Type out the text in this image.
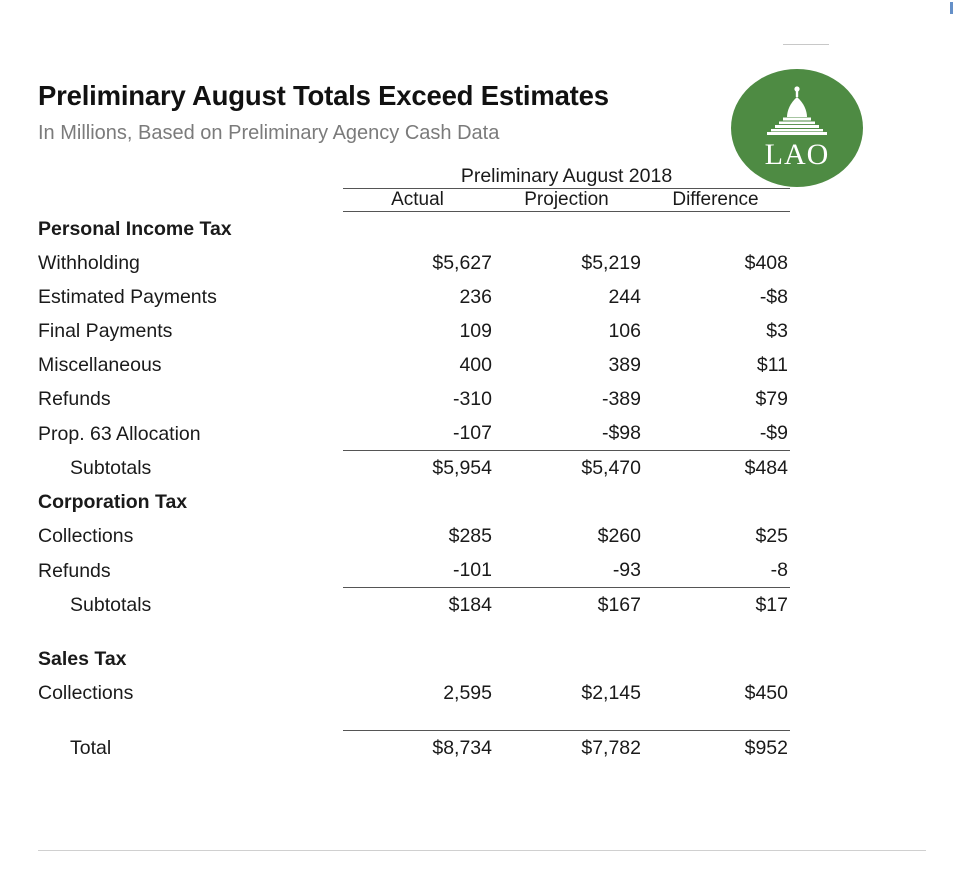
Preliminary August Totals Exceed Estimates

In Millions, Based on Preliminary Agency Cash Data

LAO
	Preliminary August 2018		
	Actual	Projection	Difference
Personal Income Tax			
Withholding	$5,627	$5,219	$408
Estimated Payments	236	244	-$8
Final Payments	109	106	$3
Miscellaneous	400	389	$11
Refunds	-310	-389	$79
Prop. 63 Allocation	-107	-$98	-$9
Subtotals	$5,954	$5,470	$484
Corporation Tax			
Collections	$285	$260	$25
Refunds	-101	-93	-8
Subtotals	$184	$167	$17

Sales Tax			
Collections	2,595	$2,145	$450

Total	$8,734	$7,782	$952
